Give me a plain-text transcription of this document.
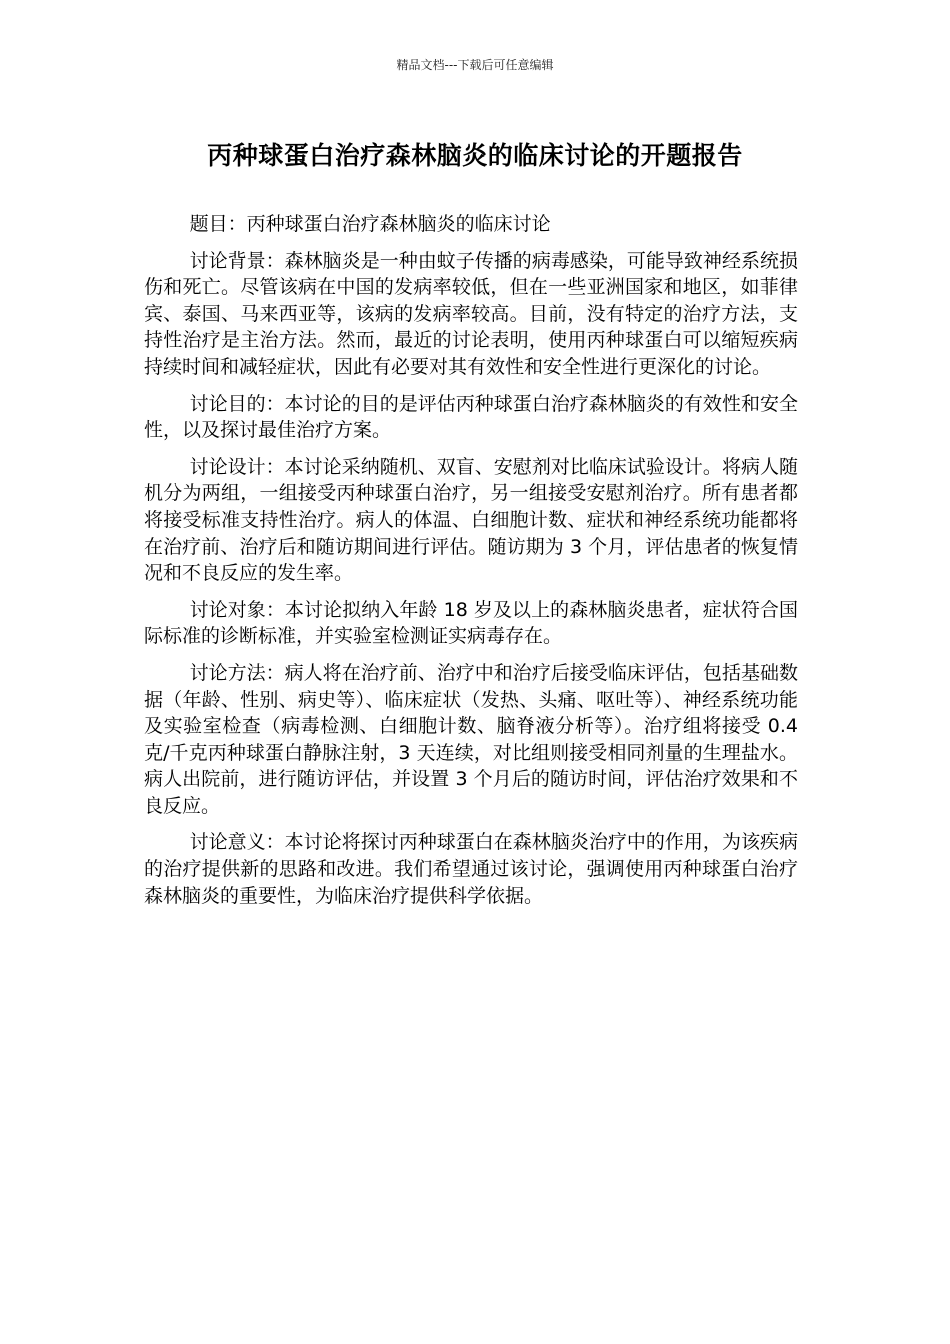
精品文档---下载后可任意编辑
丙种球蛋白治疗森林脑炎的临床讨论的开题报告

题目：丙种球蛋白治疗森林脑炎的临床讨论

讨论背景：森林脑炎是一种由蚊子传播的病毒感染，可能导致神经系统损伤和死亡。尽管该病在中国的发病率较低，但在一些亚洲国家和地区，如菲律宾、泰国、马来西亚等，该病的发病率较高。目前，没有特定的治疗方法，支持性治疗是主治方法。然而，最近的讨论表明，使用丙种球蛋白可以缩短疾病持续时间和减轻症状，因此有必要对其有效性和安全性进行更深化的讨论。

讨论目的：本讨论的目的是评估丙种球蛋白治疗森林脑炎的有效性和安全性，以及探讨最佳治疗方案。

讨论设计：本讨论采纳随机、双盲、安慰剂对比临床试验设计。将病人随机分为两组，一组接受丙种球蛋白治疗，另一组接受安慰剂治疗。所有患者都将接受标准支持性治疗。病人的体温、白细胞计数、症状和神经系统功能都将在治疗前、治疗后和随访期间进行评估。随访期为 3 个月，评估患者的恢复情况和不良反应的发生率。

讨论对象：本讨论拟纳入年龄 18 岁及以上的森林脑炎患者，症状符合国际标准的诊断标准，并实验室检测证实病毒存在。

讨论方法：病人将在治疗前、治疗中和治疗后接受临床评估，包括基础数据（年龄、性别、病史等）、临床症状（发热、头痛、呕吐等）、神经系统功能及实验室检查（病毒检测、白细胞计数、脑脊液分析等）。治疗组将接受 0.4 克/千克丙种球蛋白静脉注射，3 天连续，对比组则接受相同剂量的生理盐水。病人出院前，进行随访评估，并设置 3 个月后的随访时间，评估治疗效果和不良反应。

讨论意义：本讨论将探讨丙种球蛋白在森林脑炎治疗中的作用，为该疾病的治疗提供新的思路和改进。我们希望通过该讨论，强调使用丙种球蛋白治疗森林脑炎的重要性，为临床治疗提供科学依据。
